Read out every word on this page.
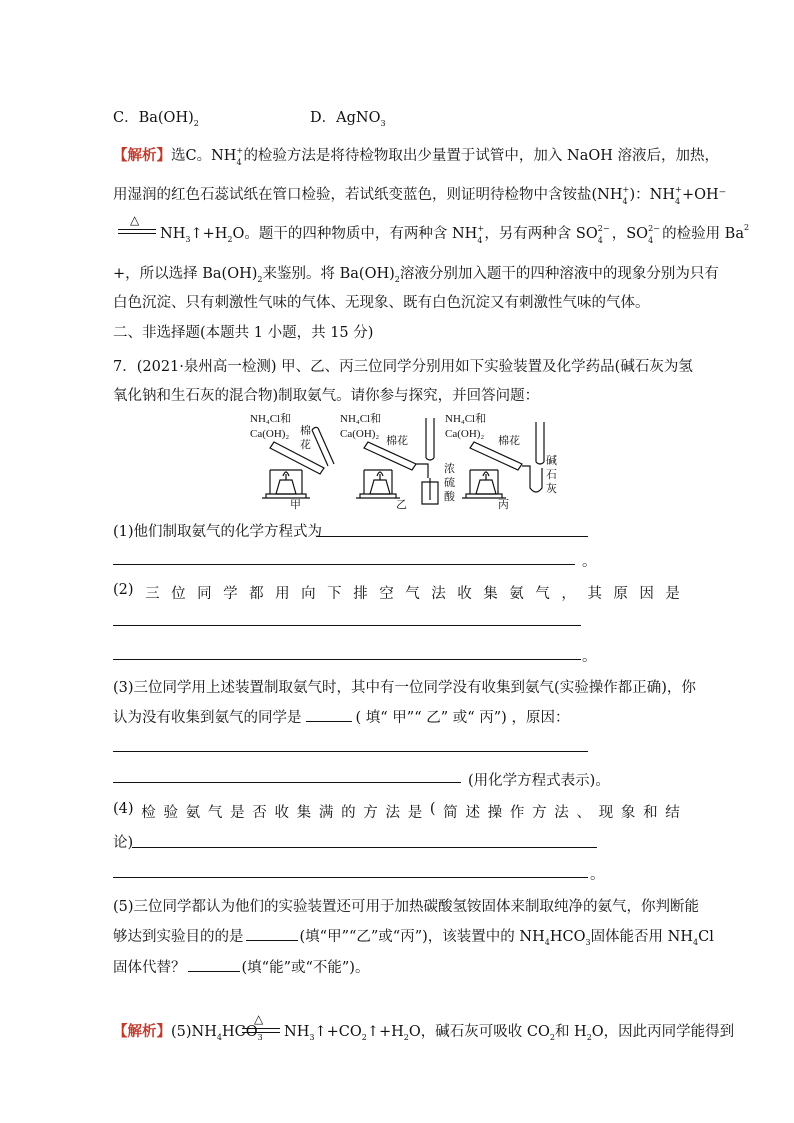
C．$Ba(OH)_2$	D．AgNO$_3$
【解析】选C。NH +
4 的检验方法是将待检物取出少量置于试管中，加入 NaOH 溶液后，加热，
用湿润的红色石蕊试纸在管口检验，若试纸变蓝色，则证明待检物中含铵盐(NH +
4 )：NH +
4 +OH⁻
△
$NH_3↑+H_2O$。题干的四种物质中，有两种含 NH +
4 ，另有两种含 SO 2−
4 ，SO 2−
4 的检验用 $Ba^2$
+，所以选择 $Ba(OH)_2$来鉴别。将 $Ba(OH)_2$溶液分别加入题干的四种溶液中的现象分别为只有
白色沉淀、只有刺激性气味的气体、无现象、既有白色沉淀又有刺激性气味的气体。
二、非选择题(本题共 1 小题，共 15 分)
7．(2021·泉州高一检测) 甲、乙、丙三位同学分别用如下实验装置及化学药品(碱石灰为氢
氧化钠和生石灰的混合物)制取氨气。请你参与探究，并回答问题：
NH₄Cl和
Ca(OH)₂ 棉
花
NH₄Cl和
Ca(OH)₂
棉花
NH₄Cl和
Ca(OH)₂
棉花
浓
硫
酸
碱
石
灰
甲	乙	丙
(1)他们制取氨气的化学方程式为
。
(2) 三 位 同 学 都 用 向 下 排 空 气 法 收 集 氨 气 ， 其 原 因 是
。
(3)三位同学用上述装置制取氨气时，其中有一位同学没有收集到氨气(实验操作都正确)，你
认为没有收集到氨气的同学是	( 填“ 甲”“ 乙” 或“ 丙”) ，原因：
(用化学方程式表示)。
(4) 检 验 氨 气 是 否 收 集 满 的 方 法 是 ( 简 述 操 作 方 法 、 现 象 和 结
论)
。
(5)三位同学都认为他们的实验装置还可用于加热碳酸氢铵固体来制取纯净的氨气，你判断能
够达到实验目的的是	(填“甲”“乙”或“丙”)，该装置中的 $NH_4HCO_3$固体能否用 $NH_4Cl$
固体代替？	(填“能”或“不能”)。
【解析】$(5)NH_4HCO_3$
△
$NH_3↑+CO_2↑+H_2O$，碱石灰可吸收 $CO_2$和 $H_2O$，因此丙同学能得到
